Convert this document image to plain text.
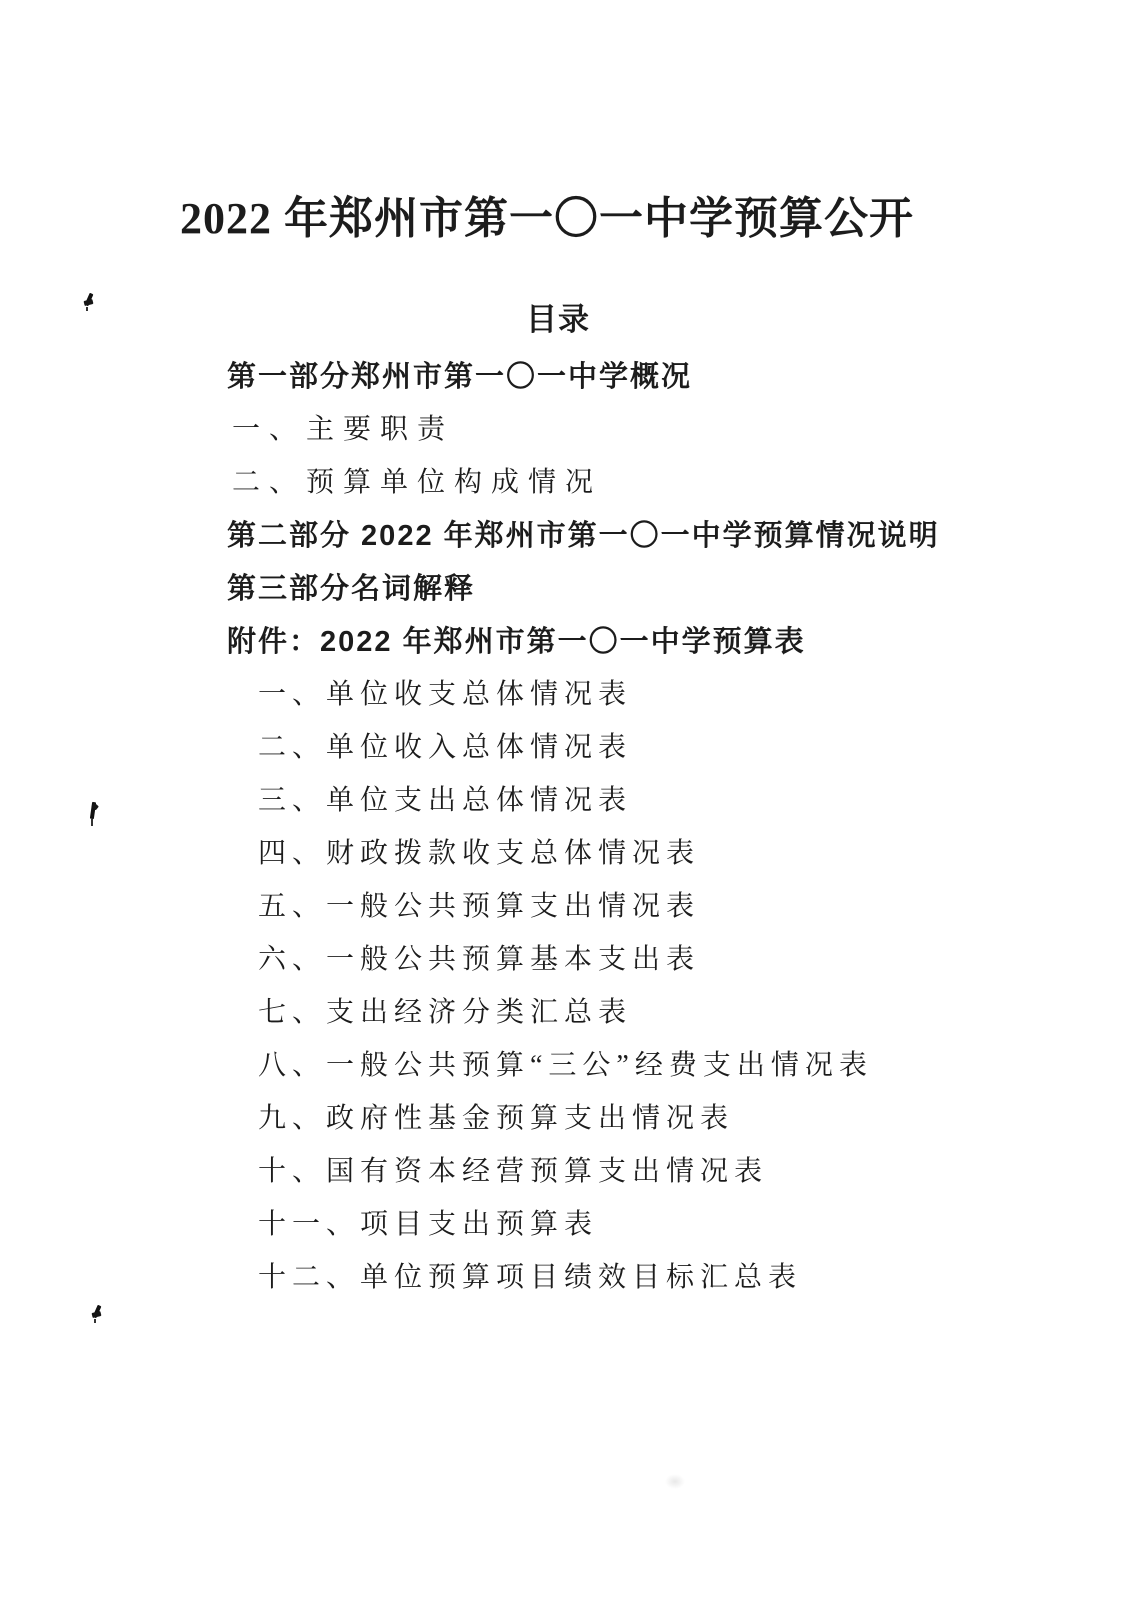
2022 年郑州市第一〇一中学预算公开
目录
第一部分郑州市第一〇一中学概况
一、主要职责
二、预算单位构成情况
第二部分 2022 年郑州市第一〇一中学预算情况说明
第三部分名词解释
附件：2022 年郑州市第一〇一中学预算表
一、单位收支总体情况表
二、单位收入总体情况表
三、单位支出总体情况表
四、财政拨款收支总体情况表
五、一般公共预算支出情况表
六、一般公共预算基本支出表
七、支出经济分类汇总表
八、一般公共预算“三公”经费支出情况表
九、政府性基金预算支出情况表
十、国有资本经营预算支出情况表
十一、项目支出预算表
十二、单位预算项目绩效目标汇总表
